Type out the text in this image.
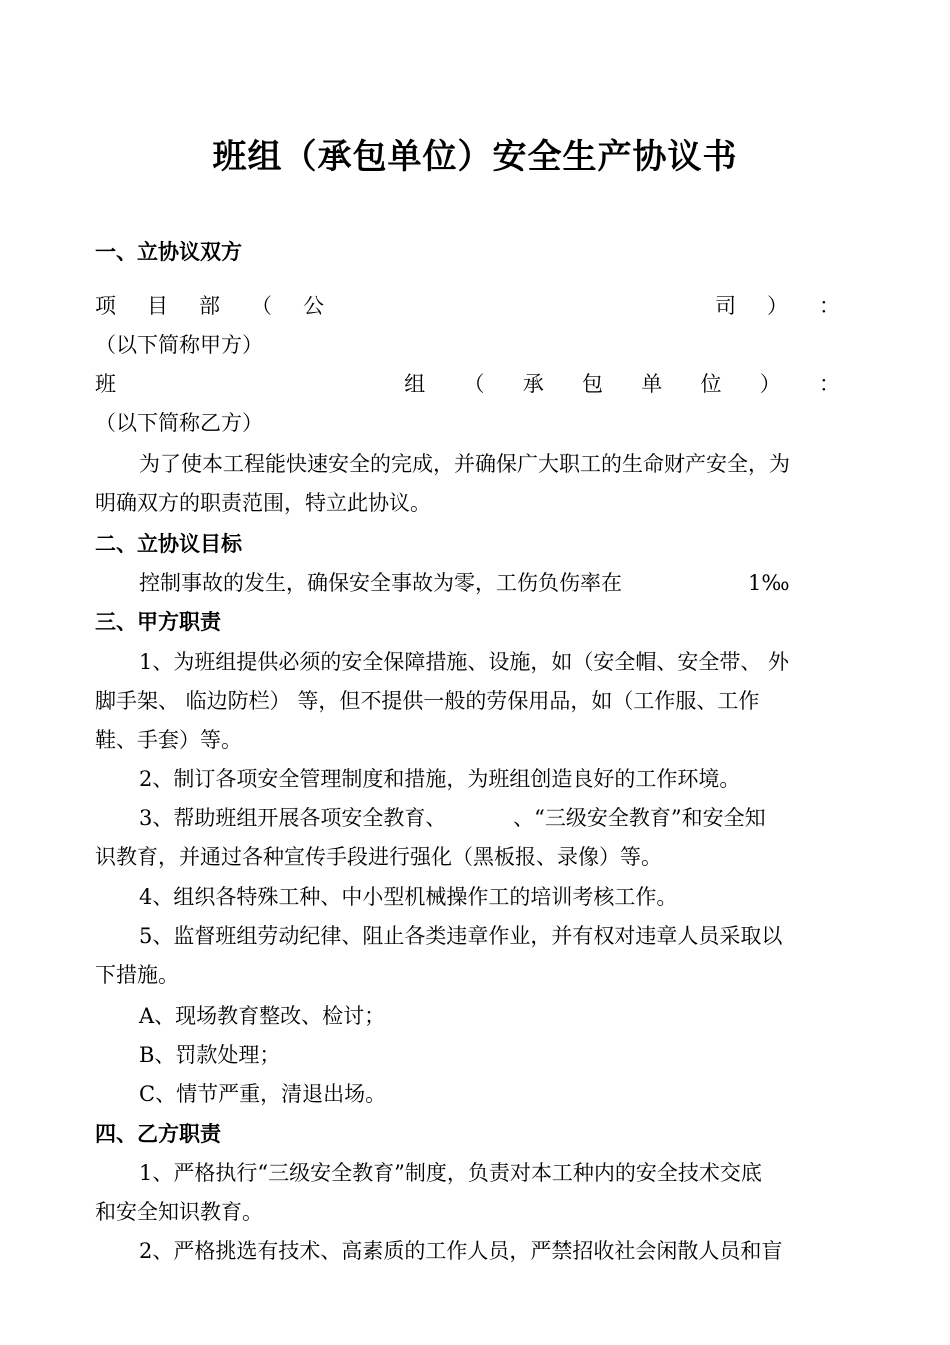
班组（承包单位）安全生产协议书
一、立协议双方
项 目 部 （ 公	司 ） ：
（以下简称甲方）
班	组 （ 承 包 单 位 ） ：
（以下简称乙方）
为了使本工程能快速安全的完成，并确保广大职工的生命财产安全，为
明确双方的职责范围，特立此协议。
二、立协议目标
控制事故的发生，确保安全事故为零，工伤负伤率在	1‰
三、甲方职责
1、为班组提供必须的安全保障措施、设施，如（安全帽、安全带、 外
脚手架、 临边防栏） 等，但不提供一般的劳保用品，如（工作服、工作
鞋、手套）等。
2、制订各项安全管理制度和措施，为班组创造良好的工作环境。
3、帮助班组开展各项安全教育、          、“三级安全教育”和安全知
识教育，并通过各种宣传手段进行强化（黑板报、录像）等。
4、组织各特殊工种、中小型机械操作工的培训考核工作。
5、监督班组劳动纪律、阻止各类违章作业，并有权对违章人员采取以
下措施。
A、现场教育整改、检讨；
B、罚款处理；
C、情节严重，清退出场。
四、乙方职责
1、严格执行“三级安全教育”制度，负责对本工种内的安全技术交底
和安全知识教育。
2、严格挑选有技术、高素质的工作人员，严禁招收社会闲散人员和盲
